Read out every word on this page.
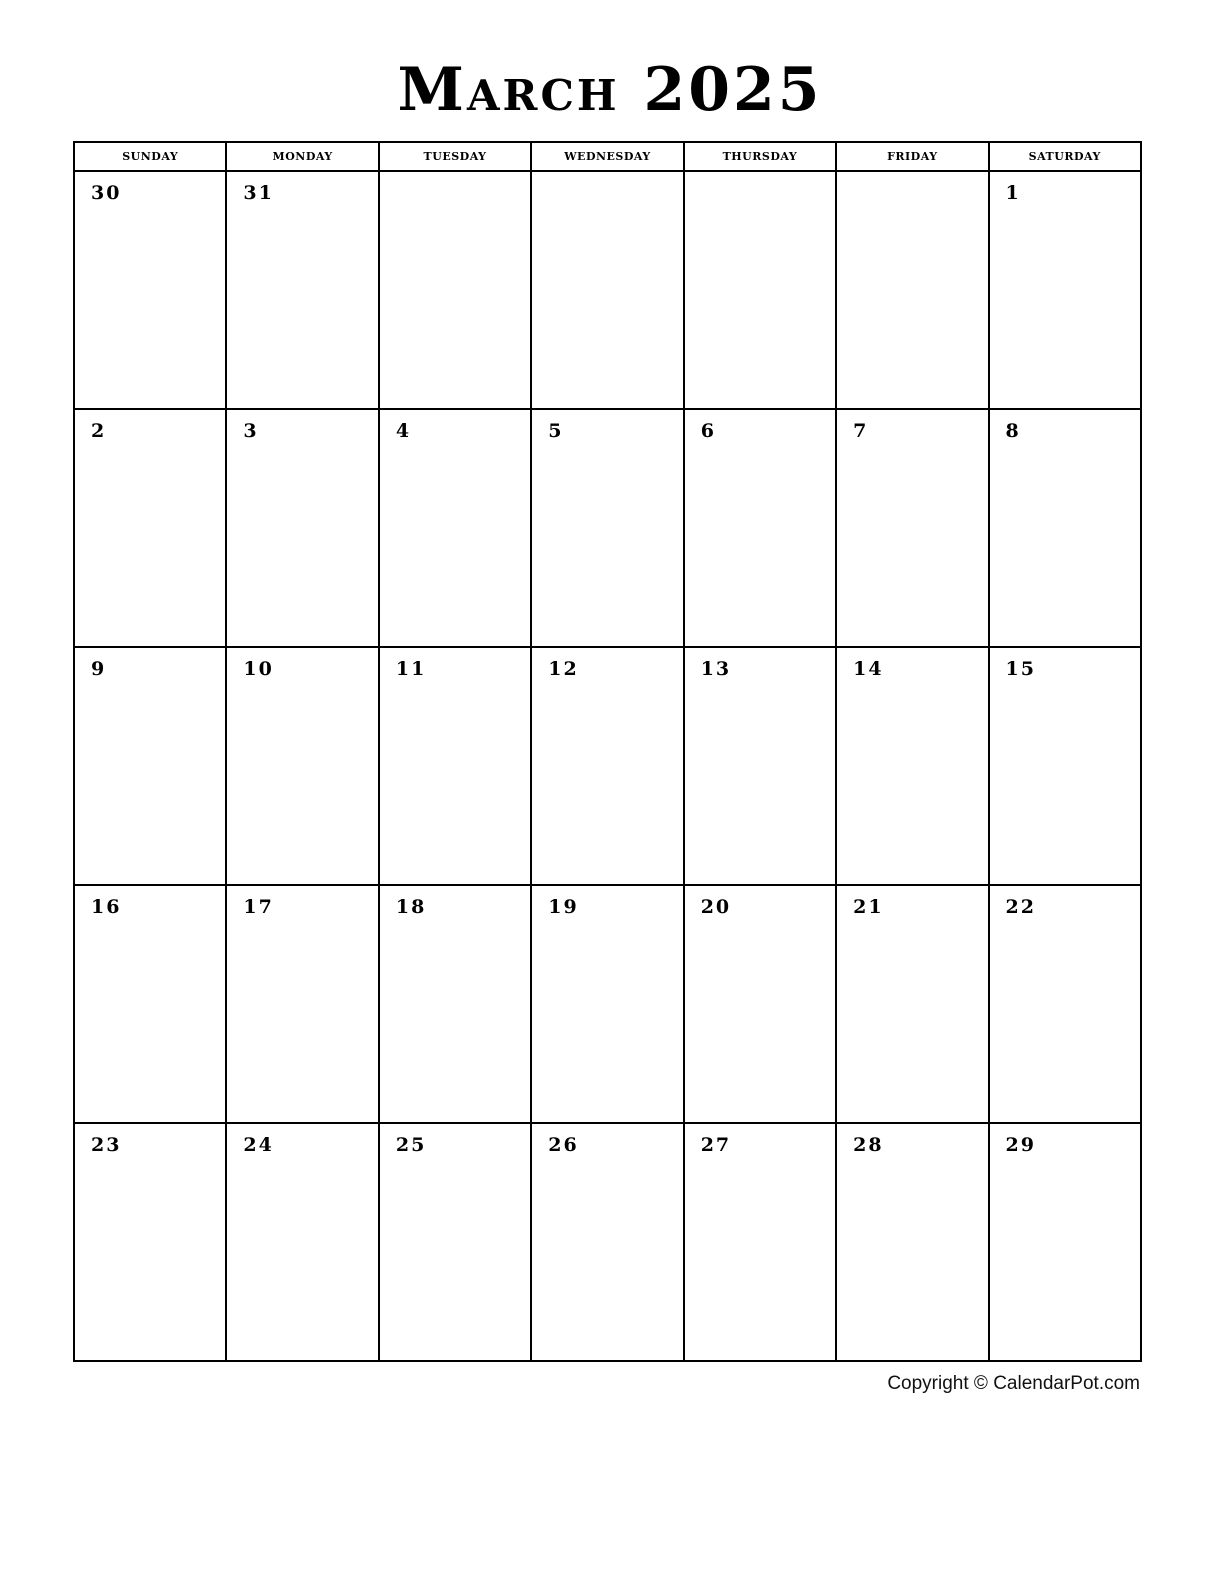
March 2025
SUNDAY	MONDAY	TUESDAY	WEDNESDAY	THURSDAY	FRIDAY	SATURDAY

30	31					1

2	3	4	5	6	7	8

9	10	11	12	13	14	15

16	17	18	19	20	21	22

23	24	25	26	27	28	29
Copyright © CalendarPot.com
